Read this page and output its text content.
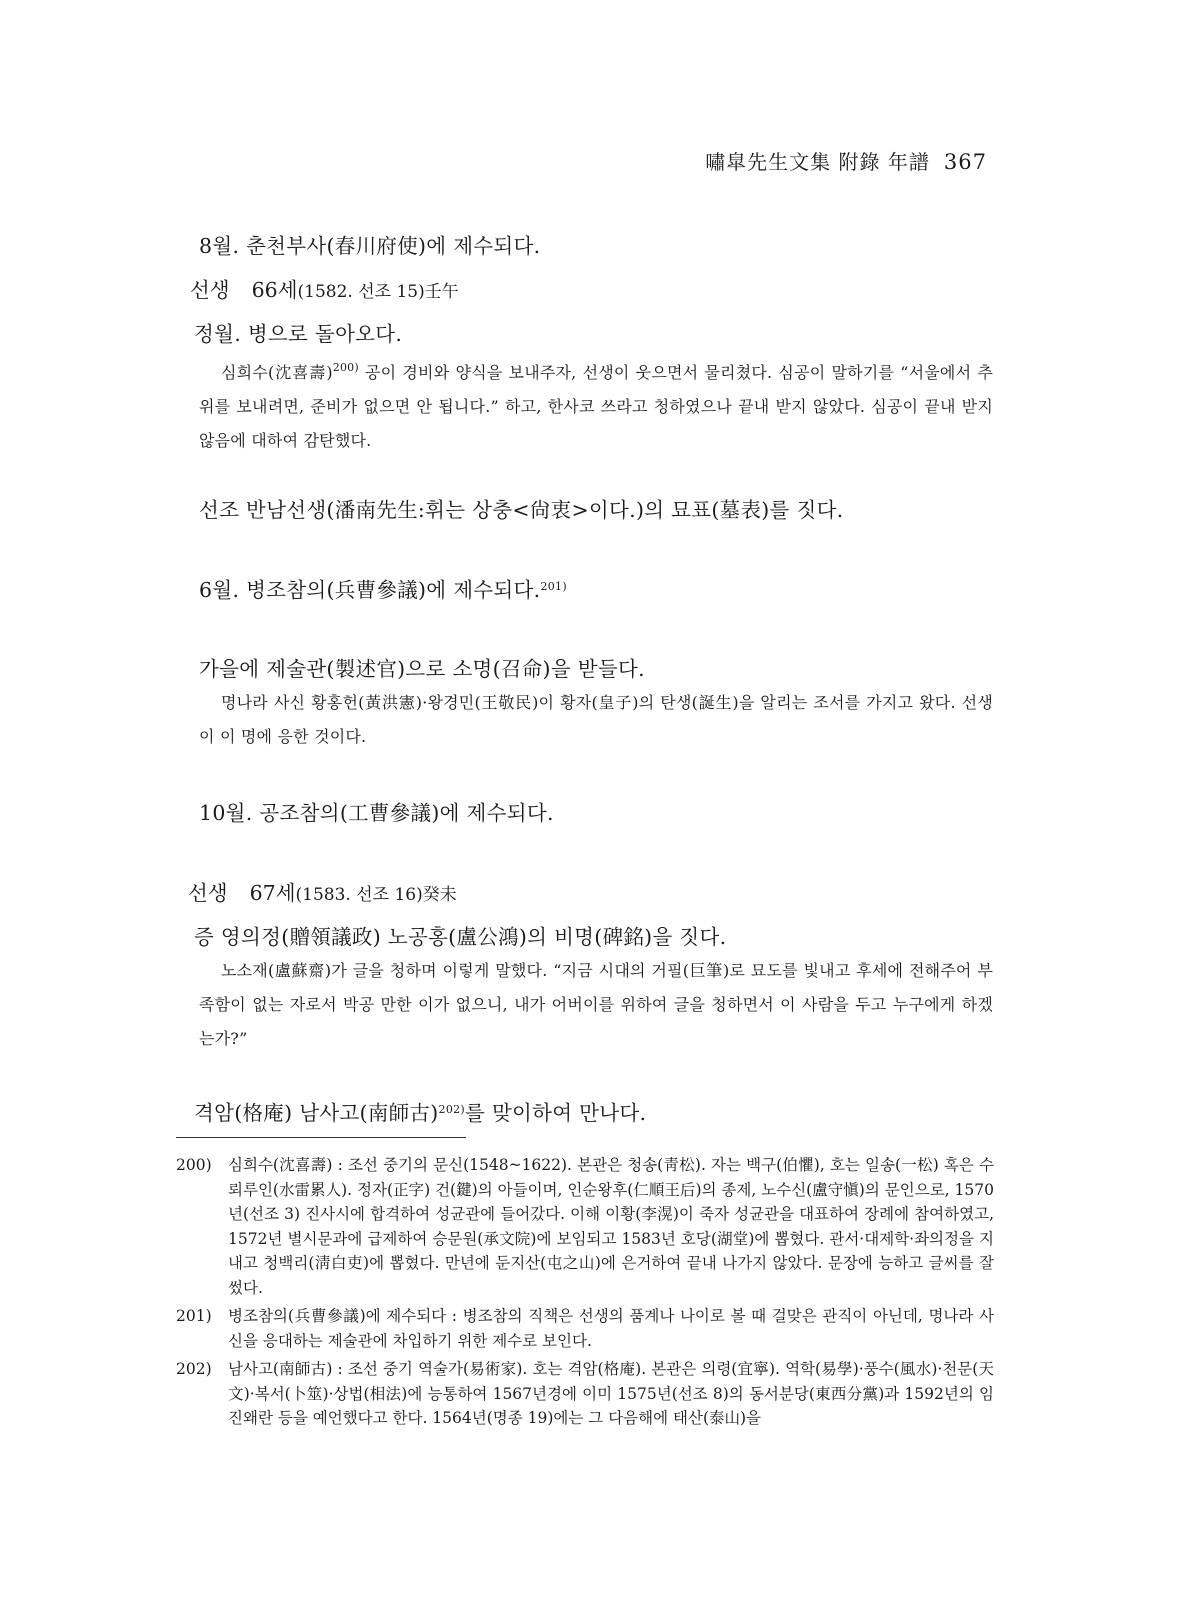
嘯皐先生文集 附錄 年譜 367
8월. 춘천부사(春川府使)에 제수되다.
선생 66세(1582. 선조 15)壬午
정월. 병으로 돌아오다.

심희수(沈喜壽)$^{200)}$ 공이 경비와 양식을 보내주자, 선생이 웃으면서 물리쳤다. 심공이 말하기를 “서울에서 추위를 보내려면, 준비가 없으면 안 됩니다.” 하고, 한사코 쓰라고 청하였으나 끝내 받지 않았다. 심공이 끝내 받지 않음에 대하여 감탄했다.

선조 반남선생(潘南先生:휘는 상충<尙衷>이다.)의 묘표(墓表)를 짓다.
6월. 병조참의(兵曹參議)에 제수되다.$^{201)}$
가을에 제술관(製述官)으로 소명(召命)을 받들다.

명나라 사신 황홍헌(黃洪憲)·왕경민(王敬民)이 황자(皇子)의 탄생(誕生)을 알리는 조서를 가지고 왔다. 선생이 이 명에 응한 것이다.

10월. 공조참의(工曹參議)에 제수되다.
선생 67세(1583. 선조 16)癸未
증 영의정(贈領議政) 노공홍(盧公鴻)의 비명(碑銘)을 짓다.

노소재(盧蘇齋)가 글을 청하며 이렇게 말했다. “지금 시대의 거필(巨筆)로 묘도를 빛내고 후세에 전해주어 부족함이 없는 자로서 박공 만한 이가 없으니, 내가 어버이를 위하여 글을 청하면서 이 사람을 두고 누구에게 하겠는가?”

격암(格庵) 남사고(南師古)$^{202)}$를 맞이하여 만나다.
200) 심희수(沈喜壽) : 조선 중기의 문신(1548~1622). 본관은 청송(靑松). 자는 백구(伯懼), 호는 일송(一松) 혹은 수뢰루인(水雷累人). 정자(正字) 건(鍵)의 아들이며, 인순왕후(仁順王后)의 종제, 노수신(盧守愼)의 문인으로, 1570년(선조 3) 진사시에 합격하여 성균관에 들어갔다. 이해 이황(李滉)이 죽자 성균관을 대표하여 장례에 참여하였고, 1572년 별시문과에 급제하여 승문원(承文院)에 보임되고 1583년 호당(湖堂)에 뽑혔다. 관서·대제학·좌의정을 지내고 청백리(淸白吏)에 뽑혔다. 만년에 둔지산(屯之山)에 은거하여 끝내 나가지 않았다. 문장에 능하고 글씨를 잘 썼다.
201) 병조참의(兵曹參議)에 제수되다 : 병조참의 직책은 선생의 품계나 나이로 볼 때 걸맞은 관직이 아닌데, 명나라 사신을 응대하는 제술관에 차입하기 위한 제수로 보인다.
202) 남사고(南師古) : 조선 중기 역술가(易術家). 호는 격암(格庵). 본관은 의령(宜寧). 역학(易學)·풍수(風水)·천문(天文)·복서(卜筮)·상법(相法)에 능통하여 1567년경에 이미 1575년(선조 8)의 동서분당(東西分黨)과 1592년의 임진왜란 등을 예언했다고 한다. 1564년(명종 19)에는 그 다음해에 태산(泰山)을
